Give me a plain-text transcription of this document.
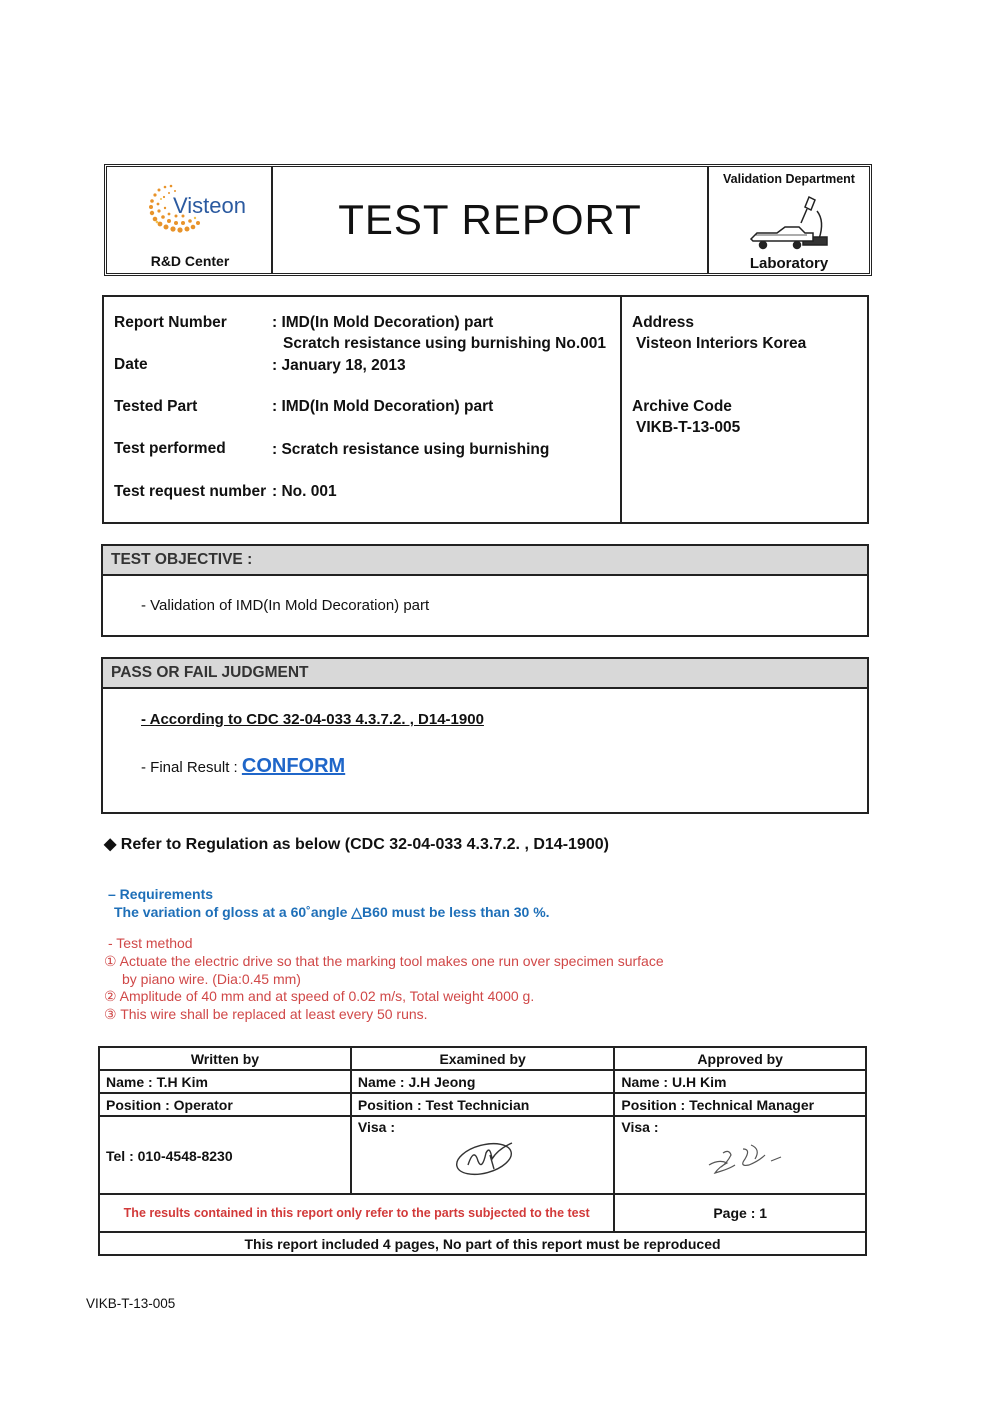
Visteon
R&D Center
TEST REPORT
Validation Department
Laboratory
Report Number	: IMD(In Mold Decoration) part
Scratch resistance using burnishing No.001
Date	: January 18, 2013
Tested Part	: IMD(In Mold Decoration) part
Test performed	: Scratch resistance using burnishing
Test request number : No. 001
Address
Visteon Interiors Korea
Archive Code
VIKB-T-13-005
TEST OBJECTIVE :
- Validation of IMD(In Mold Decoration) part
PASS OR FAIL JUDGMENT
- According to CDC 32-04-033 4.3.7.2. , D14-1900
- Final Result : CONFORM
◆ Refer to Regulation as below (CDC 32-04-033 4.3.7.2. , D14-1900)
– Requirements
The variation of gloss at a 60˚angle △B60 must be less than 30 %.
- Test method
① Actuate the electric drive so that the marking tool makes one run over specimen surface
by piano wire. (Dia:0.45 mm)
② Amplitude of 40 mm and at speed of 0.02 m/s, Total weight 4000 g.
③ This wire shall be replaced at least every 50 runs.
Written by	Examined by	Approved by
Name : T.H Kim	Name : J.H Jeong	Name : U.H Kim
Position : Operator	Position : Test Technician	Position : Technical Manager
Tel : 010-4548-8230	Visa :	Visa :

The results contained in this report only refer to the parts subjected to the test		Page : 1
This report included 4 pages, No part of this report must be reproduced		
VIKB-T-13-005
